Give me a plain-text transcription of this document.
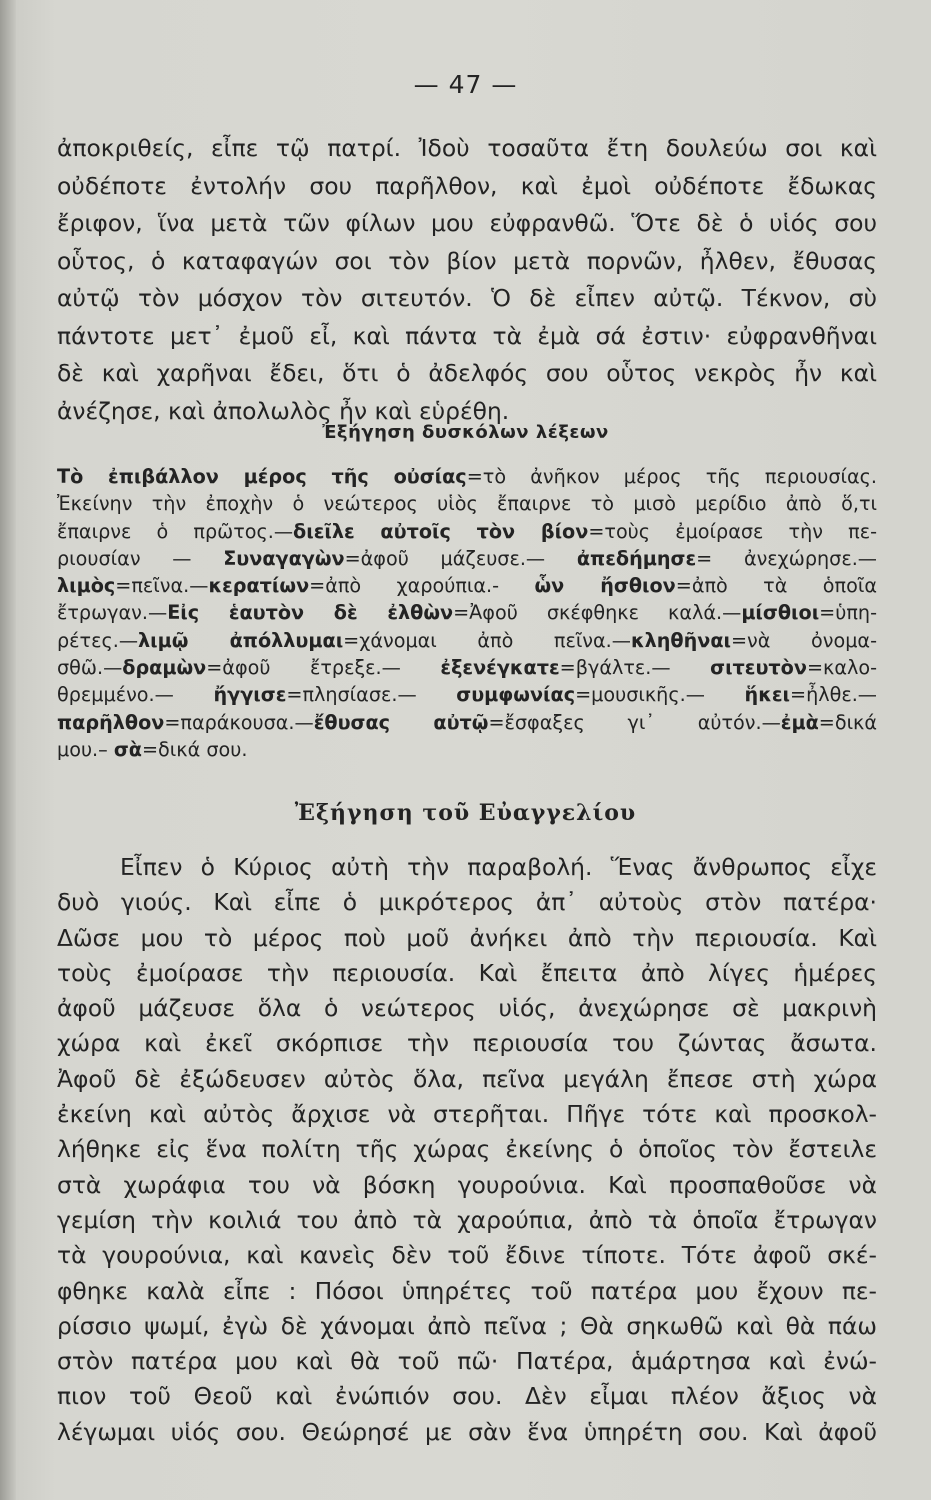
— 47 —
ἀποκριθείς, εἶπε τῷ πατρί. Ἰδοὺ τοσαῦτα ἔτη δουλεύω σοι καὶ
οὐδέποτε ἐντολήν σου παρῆλθον, καὶ ἐμοὶ οὐδέποτε ἔδωκας
ἔριφον, ἵνα μετὰ τῶν φίλων μου εὐφρανθῶ. Ὅτε δὲ ὁ υἱός σου
οὗτος, ὁ καταφαγών σοι τὸν βίον μετὰ πορνῶν, ἦλθεν, ἔθυσας
αὐτῷ τὸν μόσχον τὸν σιτευτόν. Ὁ δὲ εἶπεν αὐτῷ. Τέκνον, σὺ
πάντοτε μετ᾿ ἐμοῦ εἶ, καὶ πάντα τὰ ἐμὰ σά ἐστιν· εὐφρανθῆναι
δὲ καὶ χαρῆναι ἔδει, ὅτι ὁ ἀδελφός σου οὗτος νεκρὸς ἦν καὶ
ἀνέζησε, καὶ ἀπολωλὸς ἦν καὶ εὑρέθη.
Ἐξήγηση δυσκόλων λέξεων
Τὸ ἐπιβάλλον μέρος τῆς οὐσίας=τὸ ἀνῆκον μέρος τῆς περιουσίας.
Ἐκείνην τὴν ἐποχὴν ὁ νεώτερος υἱὸς ἔπαιρνε τὸ μισὸ μερίδιο ἀπὸ ὅ,τι
ἔπαιρνε ὁ πρῶτος.—διεῖλε αὐτοῖς τὸν βίον=τοὺς ἐμοίρασε τὴν πε-
ριουσίαν — Συναγαγὼν=ἀφοῦ μάζευσε.— ἀπεδήμησε= ἀνεχώρησε.—
λιμὸς=πεῖνα.—κερατίων=ἀπὸ χαρούπια.- ὧν ἤσθιον=ἀπὸ τὰ ὁποῖα
ἔτρωγαν.—Εἰς ἑαυτὸν δὲ ἐλθὼν=Ἀφοῦ σκέφθηκε καλά.—μίσθιοι=ὑπη-
ρέτες.—λιμῷ ἀπόλλυμαι=χάνομαι ἀπὸ πεῖνα.—κληθῆναι=νὰ ὀνομα-
σθῶ.—δραμὼν=ἀφοῦ ἔτρεξε.— ἐξενέγκατε=βγάλτε.— σιτευτὸν=καλο-
θρεμμένο.— ἤγγισε=πλησίασε.— συμφωνίας=μουσικῆς.— ἥκει=ἦλθε.—
παρῆλθον=παράκουσα.—ἔθυσας αὐτῷ=ἔσφαξες γι᾿ αὐτόν.—ἐμὰ=δικά
μου.– σὰ=δικά σου.
Ἐξήγηση τοῦ Εὐαγγελίου
Εἶπεν ὁ Κύριος αὐτὴ τὴν παραβολή. Ἕνας ἄνθρωπος εἶχε
δυὸ γιούς. Καὶ εἶπε ὁ μικρότερος ἀπ᾿ αὐτοὺς στὸν πατέρα·
Δῶσε μου τὸ μέρος ποὺ μοῦ ἀνήκει ἀπὸ τὴν περιουσία. Καὶ
τοὺς ἐμοίρασε τὴν περιουσία. Καὶ ἔπειτα ἀπὸ λίγες ἡμέρες
ἀφοῦ μάζευσε ὅλα ὁ νεώτερος υἱός, ἀνεχώρησε σὲ μακρινὴ
χώρα καὶ ἐκεῖ σκόρπισε τὴν περιουσία του ζώντας ἄσωτα.
Ἀφοῦ δὲ ἐξώδευσεν αὐτὸς ὅλα, πεῖνα μεγάλη ἔπεσε στὴ χώρα
ἐκείνη καὶ αὐτὸς ἄρχισε νὰ στερῆται. Πῆγε τότε καὶ προσκολ-
λήθηκε εἰς ἕνα πολίτη τῆς χώρας ἐκείνης ὁ ὁποῖος τὸν ἔστειλε
στὰ χωράφια του νὰ βόσκη γουρούνια. Καὶ προσπαθοῦσε νὰ
γεμίση τὴν κοιλιά του ἀπὸ τὰ χαρούπια, ἀπὸ τὰ ὁποῖα ἔτρωγαν
τὰ γουρούνια, καὶ κανεὶς δὲν τοῦ ἔδινε τίποτε. Τότε ἀφοῦ σκέ-
φθηκε καλὰ εἶπε : Πόσοι ὑπηρέτες τοῦ πατέρα μου ἔχουν πε-
ρίσσιο ψωμί, ἐγὼ δὲ χάνομαι ἀπὸ πεῖνα ; Θὰ σηκωθῶ καὶ θὰ πάω
στὸν πατέρα μου καὶ θὰ τοῦ πῶ· Πατέρα, ἁμάρτησα καὶ ἐνώ-
πιον τοῦ Θεοῦ καὶ ἐνώπιόν σου. Δὲν εἶμαι πλέον ἄξιος νὰ
λέγωμαι υἱός σου. Θεώρησέ με σὰν ἕνα ὑπηρέτη σου. Καὶ ἀφοῦ
